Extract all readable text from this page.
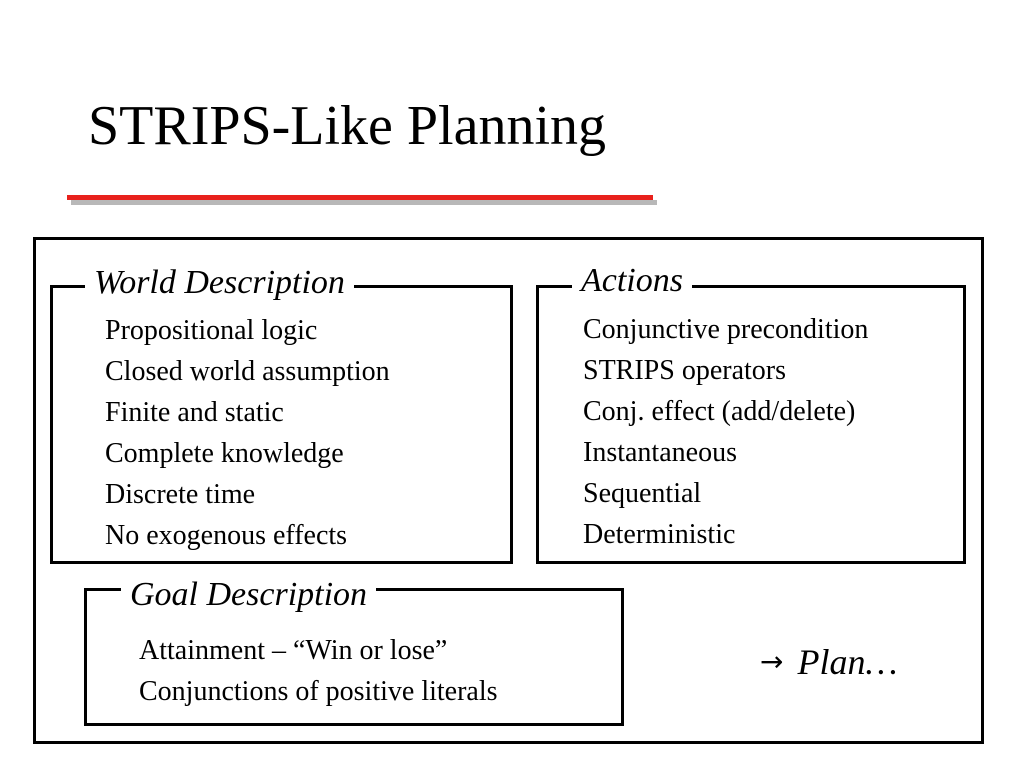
STRIPS-Like Planning
World Description
Propositional logic
Closed world assumption
Finite and static
Complete knowledge
Discrete time
No exogenous effects
Actions
Conjunctive precondition
STRIPS operators
Conj. effect (add/delete)
Instantaneous
Sequential
Deterministic
Goal Description
Attainment – “Win or lose”
Conjunctions of positive literals
→ Plan…
